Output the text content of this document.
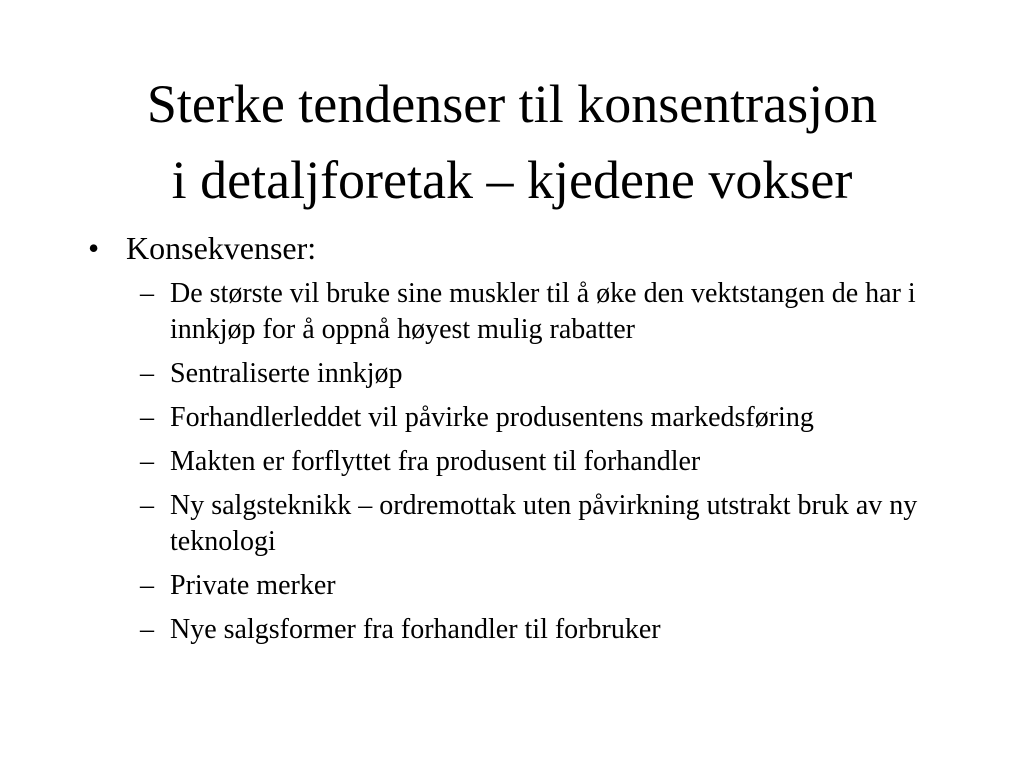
Sterke tendenser til konsentrasjon
i detaljforetak – kjedene vokser
• Konsekvenser:
– De største vil bruke sine muskler til å øke den vektstangen de har i innkjøp for å oppnå høyest mulig rabatter
– Sentraliserte innkjøp
– Forhandlerleddet vil påvirke produsentens markedsføring
– Makten er forflyttet fra produsent til forhandler
– Ny salgsteknikk – ordremottak uten påvirkning utstrakt bruk av ny teknologi
– Private merker
– Nye salgsformer fra forhandler til forbruker
